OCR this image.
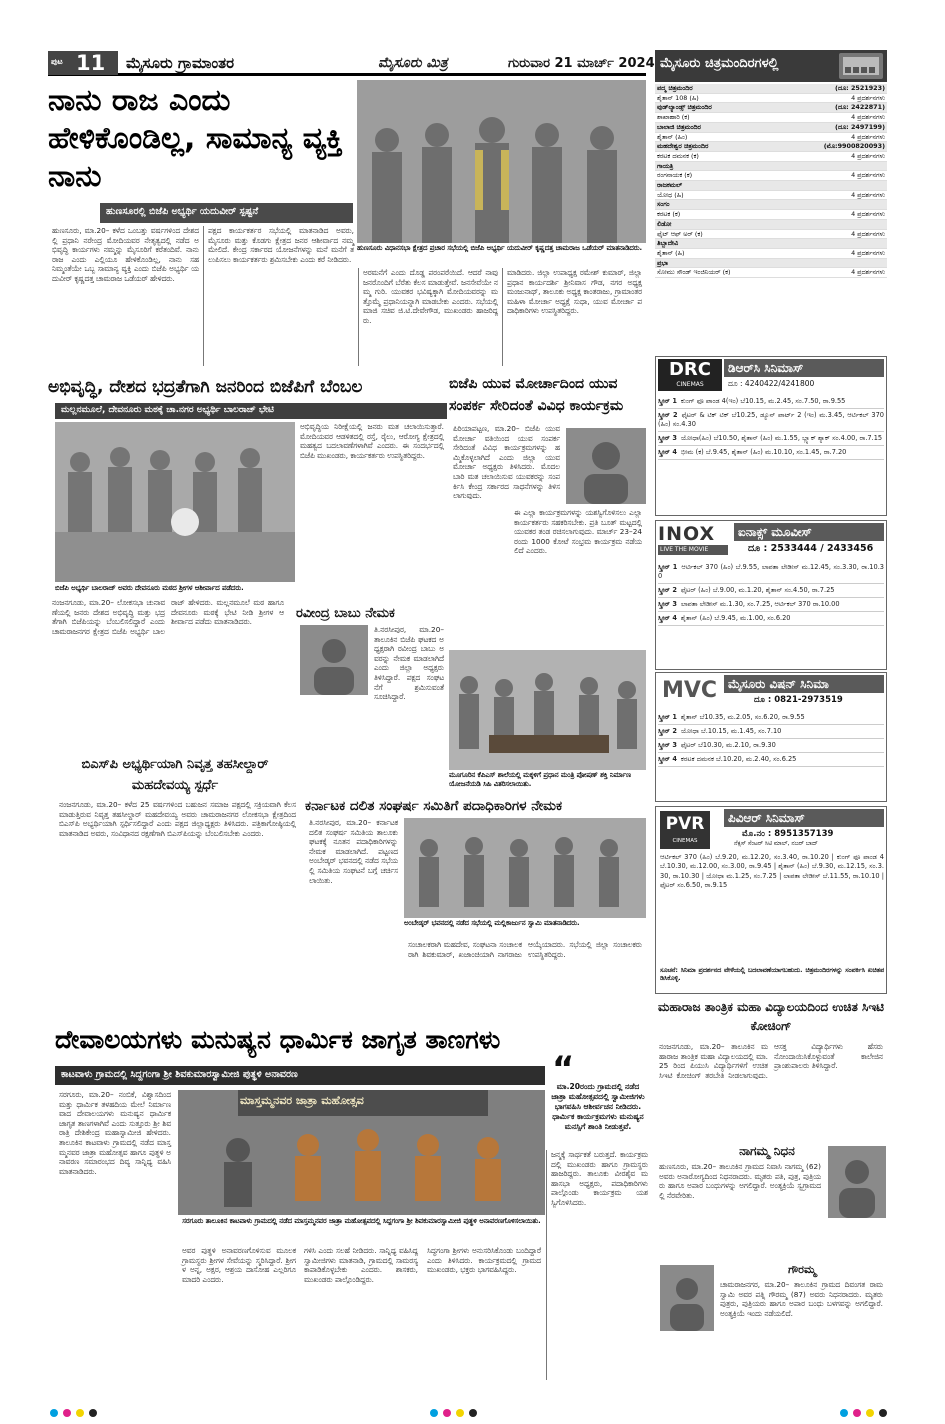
ಪುಟ 11 ಮೈಸೂರು ಗ್ರಾಮಾಂತರ	ಮೈಸೂರು ಮಿತ್ರ	ಗುರುವಾರ 21 ಮಾರ್ಚ್ 2024
ನಾನು ರಾಜ ಎಂದು ಹೇಳಿಕೊಂಡಿಲ್ಲ, ಸಾಮಾನ್ಯ ವ್ಯಕ್ತಿ ನಾನು
ಹುಣಸೂರು ವಿಧಾನಸಭಾ ಕ್ಷೇತ್ರದ ಪ್ರಚಾರ ಸಭೆಯಲ್ಲಿ ಬಿಜೆಪಿ ಅಭ್ಯರ್ಥಿ ಯದುವೀರ್ ಕೃಷ್ಣದತ್ತ ಚಾಮರಾಜ ಒಡೆಯರ್ ಮಾತನಾಡಿದರು.
ಹುಣಸೂರಲ್ಲಿ ಬಿಜೆಪಿ ಅಭ್ಯರ್ಥಿ ಯದುವೀರ್ ಸ್ಪಷ್ಟನೆ
ಹುಣಸೂರು, ಮಾ.20– ಕಳೆದ ಒಂಬತ್ತು ವರ್ಷಗಳಿಂದ ದೇಶದಲ್ಲಿ ಪ್ರಧಾನಿ ನರೇಂದ್ರ ಮೋದಿಯವರ ನೇತೃತ್ವದಲ್ಲಿ ನಡೆದ ಅಭಿವೃದ್ಧಿ ಕಾರ್ಯಗಳು ನಮ್ಮನ್ನು ಮೈಸೂರಿಗೆ ಕರೆತಂದಿವೆ. ನಾನು ರಾಜ ಎಂದು ಎಲ್ಲಿಯೂ ಹೇಳಿಕೊಂಡಿಲ್ಲ, ನಾನು ಸಹ ನಿಮ್ಮಂತೆಯೇ ಒಬ್ಬ ಸಾಮಾನ್ಯ ವ್ಯಕ್ತಿ ಎಂದು ಬಿಜೆಪಿ ಅಭ್ಯರ್ಥಿ ಯದುವೀರ್ ಕೃಷ್ಣದತ್ತ ಚಾಮರಾಜ ಒಡೆಯರ್ ಹೇಳಿದರು.
ಪಕ್ಷದ ಕಾರ್ಯಕರ್ತರ ಸಭೆಯಲ್ಲಿ ಮಾತನಾಡಿದ ಅವರು, ಮೈಸೂರು ಮತ್ತು ಕೊಡಗು ಕ್ಷೇತ್ರದ ಜನರ ಆಶೀರ್ವಾದ ನಮ್ಮ ಮೇಲಿದೆ. ಕೇಂದ್ರ ಸರ್ಕಾರದ ಯೋಜನೆಗಳನ್ನು ಮನೆ ಮನೆಗೆ ತಲುಪಿಸಲು ಕಾರ್ಯಕರ್ತರು ಶ್ರಮಿಸಬೇಕು ಎಂದು ಕರೆ ನೀಡಿದರು.
ಅರಮನೆಗೆ ಎಂದು ದೊಡ್ಡ ಪರಂಪರೆಯಿದೆ. ಆದರೆ ನಾವು ಜನರೊಂದಿಗೆ ಬೆರೆತು ಕೆಲಸ ಮಾಡುತ್ತೇವೆ. ಜನಸೇವೆಯೇ ನಮ್ಮ ಗುರಿ. ಯುವಕರ ಭವಿಷ್ಯಕ್ಕಾಗಿ ಮೋದಿಯವರನ್ನು ಮತ್ತೊಮ್ಮೆ ಪ್ರಧಾನಿಯನ್ನಾಗಿ ಮಾಡಬೇಕು ಎಂದರು. ಸಭೆಯಲ್ಲಿ ಮಾಜಿ ಸಚಿವ ಜಿ.ಟಿ.ದೇವೇಗೌಡ, ಮುಖಂಡರು ಹಾಜರಿದ್ದರು.
ಮಾಡಿದರು. ಜಿಲ್ಲಾ ಉಪಾಧ್ಯಕ್ಷ ರಮೇಶ್ ಕುಮಾರ್, ಜಿಲ್ಲಾ ಪ್ರಧಾನ ಕಾರ್ಯದರ್ಶಿ ಶ್ರೀನಿವಾಸ ಗೌಡ, ನಗರ ಅಧ್ಯಕ್ಷ ಮಂಜುನಾಥ್, ತಾಲೂಕು ಅಧ್ಯಕ್ಷ ಕಾಂತರಾಜು, ಗ್ರಾಮಾಂತರ ಮಹಿಳಾ ಮೋರ್ಚಾ ಅಧ್ಯಕ್ಷೆ ಸುಧಾ, ಯುವ ಮೋರ್ಚಾ ಪದಾಧಿಕಾರಿಗಳು ಉಪಸ್ಥಿತರಿದ್ದರು.
ಅಭಿವೃದ್ಧಿ, ದೇಶದ ಭದ್ರತೆಗಾಗಿ ಜನರಿಂದ ಬಿಜೆಪಿಗೆ ಬೆಂಬಲ
ಮಲ್ಲನಮೂಲೆ, ದೇವನೂರು ಮಠಕ್ಕೆ ಚಾ.ನಗರ ಅಭ್ಯರ್ಥಿ ಬಾಲರಾಜ್ ಭೇಟಿ
ಬಿಜೆಪಿ ಅಭ್ಯರ್ಥಿ ಬಾಲರಾಜ್ ಅವರು ದೇವನೂರು ಮಠದ ಶ್ರೀಗಳ ಆಶೀರ್ವಾದ ಪಡೆದರು.
ಅಭಿವೃದ್ಧಿಯ ನಿರೀಕ್ಷೆಯಲ್ಲಿ ಜನರು ಮತ ಚಲಾಯಿಸುತ್ತಾರೆ. ಮೋದಿಯವರ ಆಡಳಿತದಲ್ಲಿ ರಸ್ತೆ, ರೈಲು, ಆರೋಗ್ಯ ಕ್ಷೇತ್ರದಲ್ಲಿ ಮಹತ್ವದ ಬದಲಾವಣೆಗಳಾಗಿವೆ ಎಂದರು. ಈ ಸಂದರ್ಭದಲ್ಲಿ ಬಿಜೆಪಿ ಮುಖಂಡರು, ಕಾರ್ಯಕರ್ತರು ಉಪಸ್ಥಿತರಿದ್ದರು.
ನಂಜನಗೂಡು, ಮಾ.20– ಲೋಕಸಭಾ ಚುನಾವಣೆಯಲ್ಲಿ ಜನರು ದೇಶದ ಅಭಿವೃದ್ಧಿ ಮತ್ತು ಭದ್ರತೆಗಾಗಿ ಬಿಜೆಪಿಯನ್ನು ಬೆಂಬಲಿಸಲಿದ್ದಾರೆ ಎಂದು ಚಾಮರಾಜನಗರ ಕ್ಷೇತ್ರದ ಬಿಜೆಪಿ ಅಭ್ಯರ್ಥಿ ಬಾಲರಾಜ್ ಹೇಳಿದರು. ಮಲ್ಲನಮೂಲೆ ಮಠ ಹಾಗೂ ದೇವನೂರು ಮಠಕ್ಕೆ ಭೇಟಿ ನೀಡಿ ಶ್ರೀಗಳ ಆಶೀರ್ವಾದ ಪಡೆದು ಮಾತನಾಡಿದರು.
ಬಿಜೆಪಿ ಯುವ ಮೋರ್ಚಾದಿಂದ ಯುವ ಸಂಪರ್ಕ ಸೇರಿದಂತೆ ವಿವಿಧ ಕಾರ್ಯಕ್ರಮ
ಪಿರಿಯಾಪಟ್ಟಣ, ಮಾ.20– ಬಿಜೆಪಿ ಯುವ ಮೋರ್ಚಾ ವತಿಯಿಂದ ಯುವ ಸಂಪರ್ಕ ಸೇರಿದಂತೆ ವಿವಿಧ ಕಾರ್ಯಕ್ರಮಗಳನ್ನು ಹಮ್ಮಿಕೊಳ್ಳಲಾಗಿದೆ ಎಂದು ಜಿಲ್ಲಾ ಯುವ ಮೋರ್ಚಾ ಅಧ್ಯಕ್ಷರು ತಿಳಿಸಿದರು. ಮೊದಲ ಬಾರಿ ಮತ ಚಲಾಯಿಸುವ ಯುವಕರನ್ನು ಸಂಪರ್ಕಿಸಿ ಕೇಂದ್ರ ಸರ್ಕಾರದ ಸಾಧನೆಗಳನ್ನು ತಿಳಿಸಲಾಗುವುದು.
ಈ ಎಲ್ಲಾ ಕಾರ್ಯಕ್ರಮಗಳನ್ನು ಯಶಸ್ವಿಗೊಳಿಸಲು ಎಲ್ಲಾ ಕಾರ್ಯಕರ್ತರು ಸಹಕರಿಸಬೇಕು. ಪ್ರತಿ ಬೂತ್ ಮಟ್ಟದಲ್ಲಿ ಯುವಕರ ತಂಡ ರಚಿಸಲಾಗುವುದು. ಮಾರ್ಚ್ 23–24 ರಂದು 1000 ಕೋಟೆ ಸಂಭ್ರಮ ಕಾರ್ಯಕ್ರಮ ನಡೆಯಲಿದೆ ಎಂದರು.
ರವೀಂದ್ರ ಬಾಬು ನೇಮಕ
ತಿ.ನರಸೀಪುರ, ಮಾ.20– ತಾಲೂಕಿನ ಬಿಜೆಪಿ ಘಟಕದ ಅಧ್ಯಕ್ಷರಾಗಿ ರವೀಂದ್ರ ಬಾಬು ಅವರನ್ನು ನೇಮಕ ಮಾಡಲಾಗಿದೆ ಎಂದು ಜಿಲ್ಲಾ ಅಧ್ಯಕ್ಷರು ತಿಳಿಸಿದ್ದಾರೆ. ಪಕ್ಷದ ಸಂಘಟನೆಗೆ ಶ್ರಮಿಸುವಂತೆ ಸೂಚಿಸಿದ್ದಾರೆ.
ಮೂಗೂರಿನ ಕೆಪಿಎಸ್ ಶಾಲೆಯಲ್ಲಿ ಮಕ್ಕಳಿಗೆ ಪ್ರಧಾನ ಮಂತ್ರಿ ಪೋಷಣ್ ಶಕ್ತಿ ನಿರ್ಮಾಣ ಯೋಜನೆಯಡಿ ಸಿಹಿ ವಿತರಿಸಲಾಯಿತು.
ಬಿಎಸ್‌ಪಿ ಅಭ್ಯರ್ಥಿಯಾಗಿ ನಿವೃತ್ತ ತಹಸೀಲ್ದಾರ್ ಮಹದೇವಯ್ಯ ಸ್ಪರ್ಧೆ
ನಂಜನಗೂಡು, ಮಾ.20– ಕಳೆದ 25 ವರ್ಷಗಳಿಂದ ಬಹುಜನ ಸಮಾಜ ಪಕ್ಷದಲ್ಲಿ ಸಕ್ರಿಯವಾಗಿ ಕೆಲಸ ಮಾಡುತ್ತಿರುವ ನಿವೃತ್ತ ತಹಸೀಲ್ದಾರ್ ಮಹದೇವಯ್ಯ ಅವರು ಚಾಮರಾಜನಗರ ಲೋಕಸಭಾ ಕ್ಷೇತ್ರದಿಂದ ಬಿಎಸ್‌ಪಿ ಅಭ್ಯರ್ಥಿಯಾಗಿ ಸ್ಪರ್ಧಿಸಲಿದ್ದಾರೆ ಎಂದು ಪಕ್ಷದ ಜಿಲ್ಲಾಧ್ಯಕ್ಷರು ತಿಳಿಸಿದರು. ಪತ್ರಿಕಾಗೋಷ್ಠಿಯಲ್ಲಿ ಮಾತನಾಡಿದ ಅವರು, ಸಂವಿಧಾನದ ರಕ್ಷಣೆಗಾಗಿ ಬಿಎಸ್‌ಪಿಯನ್ನು ಬೆಂಬಲಿಸಬೇಕು ಎಂದರು.
ಕರ್ನಾಟಕ ದಲಿತ ಸಂಘರ್ಷ ಸಮಿತಿಗೆ ಪದಾಧಿಕಾರಿಗಳ ನೇಮಕ
ತಿ.ನರಸೀಪುರ, ಮಾ.20– ಕರ್ನಾಟಕ ದಲಿತ ಸಂಘರ್ಷ ಸಮಿತಿಯ ತಾಲೂಕು ಘಟಕಕ್ಕೆ ನೂತನ ಪದಾಧಿಕಾರಿಗಳನ್ನು ನೇಮಕ ಮಾಡಲಾಗಿದೆ. ಪಟ್ಟಣದ ಅಂಬೇಡ್ಕರ್ ಭವನದಲ್ಲಿ ನಡೆದ ಸಭೆಯಲ್ಲಿ ಸಮಿತಿಯ ಸಂಘಟನೆ ಬಗ್ಗೆ ಚರ್ಚಿಸಲಾಯಿತು.
ಅಂಬೇಡ್ಕರ್ ಭವನದಲ್ಲಿ ನಡೆದ ಸಭೆಯಲ್ಲಿ ಮಲ್ಲಿಕಾರ್ಜುನ ಸ್ವಾಮಿ ಮಾತನಾಡಿದರು.
ಸಂಚಾಲಕರಾಗಿ ಮಹದೇವ, ಸಂಘಟನಾ ಸಂಚಾಲಕರಾಗಿ ಶಿವಕುಮಾರ್, ಖಜಾಂಚಿಯಾಗಿ ನಾಗರಾಜು ಆಯ್ಕೆಯಾದರು. ಸಭೆಯಲ್ಲಿ ಜಿಲ್ಲಾ ಸಂಚಾಲಕರು ಉಪಸ್ಥಿತರಿದ್ದರು.
ದೇವಾಲಯಗಳು ಮನುಷ್ಯನ ಧಾರ್ಮಿಕ ಜಾಗೃತ ತಾಣಗಳು
ಕಾಟವಾಳು ಗ್ರಾಮದಲ್ಲಿ ಸಿದ್ದಗಂಗಾ ಶ್ರೀ ಶಿವಕುಮಾರಸ್ವಾಮೀಜಿ ಪುತ್ಥಳಿ ಅನಾವರಣ
ಮಾಸ್ತಮ್ಮನವರ ಜಾತ್ರಾ ಮಹೋತ್ಸವ
ಸರಗೂರು ತಾಲೂಕಿನ ಕಾಟವಾಳು ಗ್ರಾಮದಲ್ಲಿ ನಡೆದ ಮಾಸ್ತಮ್ಮನವರ ಜಾತ್ರಾ ಮಹೋತ್ಸವದಲ್ಲಿ ಸಿದ್ದಗಂಗಾ ಶ್ರೀ ಶಿವಕುಮಾರಸ್ವಾಮೀಜಿ ಪುತ್ಥಳಿ ಅನಾವರಣಗೊಳಿಸಲಾಯಿತು.
ಸರಗೂರು, ಮಾ.20– ನಂಬಿಕೆ, ವಿಶ್ವಾಸದಿಂದ ಮತ್ತು ಧಾರ್ಮಿಕ ತಳಹದಿಯ ಮೇಲೆ ನಿರ್ಮಾಣವಾದ ದೇವಾಲಯಗಳು ಮನುಷ್ಯನ ಧಾರ್ಮಿಕ ಜಾಗೃತ ತಾಣಗಳಾಗಿವೆ ಎಂದು ಸುತ್ತೂರು ಶ್ರೀ ಶಿವರಾತ್ರಿ ದೇಶಿಕೇಂದ್ರ ಮಹಾಸ್ವಾಮೀಜಿ ಹೇಳಿದರು. ತಾಲೂಕಿನ ಕಾಟವಾಳು ಗ್ರಾಮದಲ್ಲಿ ನಡೆದ ಮಾಸ್ತಮ್ಮನವರ ಜಾತ್ರಾ ಮಹೋತ್ಸವ ಹಾಗೂ ಪುತ್ಥಳಿ ಅನಾವರಣ ಸಮಾರಂಭದ ದಿವ್ಯ ಸಾನ್ನಿಧ್ಯ ವಹಿಸಿ ಮಾತನಾಡಿದರು.
ಅವರ ಪುತ್ಥಳಿ ಅನಾವರಣಗೊಳಿಸುವ ಮೂಲಕ ಗ್ರಾಮಸ್ಥರು ಶ್ರೀಗಳ ಸೇವೆಯನ್ನು ಸ್ಮರಿಸಿದ್ದಾರೆ. ಶ್ರೀಗಳ ಅನ್ನ, ಅಕ್ಷರ, ಆಶ್ರಯ ದಾಸೋಹ ಎಲ್ಲರಿಗೂ ಮಾದರಿ ಎಂದರು.
ಗಳಿಸಿ ಎಂದು ಸಲಹೆ ನೀಡಿದರು. ಸಾನ್ನಿಧ್ಯ ವಹಿಸಿದ್ದ ಸ್ವಾಮೀಜಿಗಳು ಮಾತನಾಡಿ, ಗ್ರಾಮದಲ್ಲಿ ಸಾಮರಸ್ಯ ಕಾಪಾಡಿಕೊಳ್ಳಬೇಕು ಎಂದರು. ಶಾಸಕರು, ಮುಖಂಡರು ಪಾಲ್ಗೊಂಡಿದ್ದರು.
ಸಿದ್ಧಗಂಗಾ ಶ್ರೀಗಳು ಅನುಸರಿಸಿಕೊಂಡು ಬಂದಿದ್ದಾರೆ ಎಂದು ತಿಳಿಸಿದರು. ಕಾರ್ಯಕ್ರಮದಲ್ಲಿ ಗ್ರಾಮದ ಮುಖಂಡರು, ಭಕ್ತರು ಭಾಗವಹಿಸಿದ್ದರು.
“
ಮಾ.20ರಂದು ಗ್ರಾಮದಲ್ಲಿ ನಡೆದ ಜಾತ್ರಾ ಮಹೋತ್ಸವದಲ್ಲಿ ಸ್ವಾಮೀಜಿಗಳು ಭಾಗವಹಿಸಿ ಆಶೀರ್ವಚನ ನೀಡಿದರು. ಧಾರ್ಮಿಕ ಕಾರ್ಯಕ್ರಮಗಳು ಮನುಷ್ಯನ ಮನಸ್ಸಿಗೆ ಶಾಂತಿ ನೀಡುತ್ತವೆ.
ಜನ್ಮಕ್ಕೆ ಸಾರ್ಥಕತೆ ಬರುತ್ತದೆ. ಕಾರ್ಯಕ್ರಮದಲ್ಲಿ ಮುಖಂಡರು ಹಾಗೂ ಗ್ರಾಮಸ್ಥರು ಹಾಜರಿದ್ದರು. ತಾಲೂಕು ವೀರಶೈವ ಮಹಾಸಭಾ ಅಧ್ಯಕ್ಷರು, ಪದಾಧಿಕಾರಿಗಳು ಪಾಲ್ಗೊಂಡು ಕಾರ್ಯಕ್ರಮ ಯಶಸ್ವಿಗೊಳಿಸಿದರು.
ಮೈಸೂರು ಚಿತ್ರಮಂದಿರಗಳಲ್ಲಿ
ಪದ್ಮ ಚಿತ್ರಮಂದಿರ	(ದೂ: 2521923)
ಶೈತಾನ್ 108 (ಹಿ)	4 ಪ್ರದರ್ಶನಗಳು
ವುಡ್‌ಲ್ಯಾಂಡ್ಸ್ ಚಿತ್ರಮಂದಿರ	(ದೂ: 2422871)
ಶಾಖಾಹಾರಿ (ಕ)	4 ಪ್ರದರ್ಶನಗಳು
ಬಾಲಾಜಿ ಚಿತ್ರಮಂದಿರ	(ದೂ: 2497199)
ಶೈತಾನ್ (ಹಿಂ)	4 ಪ್ರದರ್ಶನಗಳು
ಮಹದೇಶ್ವರ ಚಿತ್ರಮಂದಿರ	(ಮೊ:9900820093)
ಕರಟಕ ದಮನಕ (ಕ)	4 ಪ್ರದರ್ಶನಗಳು
ಗಾಯತ್ರಿ	
ರಂಗನಾಯಕ (ಕ)	4 ಪ್ರದರ್ಶನಗಳು
ರಾಜಕಮಲ್	
ಯೋಧ (ಹಿ)	4 ಪ್ರದರ್ಶನಗಳು
ಸಂಗಂ	
ಕರಟಕ (ಕ)	4 ಪ್ರದರ್ಶನಗಳು
ಲಿಡೋ	
ಫೈಟ್ ಆಫ್ ಅರ್ (ಕ)	4 ಪ್ರದರ್ಶನಗಳು
ತಿಬ್ಬಾದೇವಿ	
ಶೈತಾನ್ (ಹಿ)	4 ಪ್ರದರ್ಶನಗಳು
ಪ್ರಭಾ	
ಸೋಮು ಸೌಂಡ್ ಇಂಜಿನಿಯರ್ (ಕ)	4 ಪ್ರದರ್ಶನಗಳು
DRC
CINEMAS
ಡಿಆರ್‌ಸಿ ಸಿನಿಮಾಸ್
ದೂ : 4240422/4241800
ಸ್ಕ್ರೀನ್ 1 ಕುಂಗ್ ಫೂ ಪಾಂಡ 4(ಇಂ) ಬೆ10.15, ಮ.2.45, ಸಂ.7.50, ರಾ.9.55
ಸ್ಕ್ರೀನ್ 2 ಫೈಟರ್ & ಟಿಕ್ ಟಿಕ್ ಬೆ10.25, ಡ್ಯೂನ್ ಪಾರ್ಟ್ 2 (ಇಂ) ಮ.3.45, ಆರ್ಟಿಕಲ್ 370 (ಹಿಂ) ಸಂ.4.30
ಸ್ಕ್ರೀನ್ 3 ಯೋಧಾ(ಹಿಂ) ಬೆ10.50, ಶೈತಾನ್ (ಹಿಂ) ಮ.1.55, ಬ್ಲ್ಯಾಕ್ ಶ್ಯಾಕ್ ಸಂ.4.00, ರಾ.7.15
ಸ್ಕ್ರೀನ್ 4 ಭೀಮ (ಕ) ಬೆ.9.45, ಶೈತಾನ್ (ಹಿಂ) ಮ.10.10, ಸಂ.1.45, ರಾ.7.20
INOX
LIVE THE MOVIE
ಐನಾಕ್ಸ್ ಮೂವೀಸ್
ದೂ : 2533444 / 2433456
ಸ್ಕ್ರೀನ್ 1 ಆರ್ಟಿಕಲ್ 370 (ಹಿಂ) ಬೆ.9.55, ಲಾಪತಾ ಲೇಡೀಸ್ ಮ.12.45, ಸಂ.3.30, ರಾ.10.30
ಸ್ಕ್ರೀನ್ 2 ಫೈಟರ್ (ಹಿಂ) ಬೆ.9.00, ಮ.1.20, ಶೈತಾನ್ ಸಂ.4.50, ರಾ.7.25
ಸ್ಕ್ರೀನ್ 3 ಲಾಪತಾ ಲೇಡೀಸ್ ಮ.1.30, ಸಂ.7.25, ಆರ್ಟಿಕಲ್ 370 ರಾ.10.00
ಸ್ಕ್ರೀನ್ 4 ಶೈತಾನ್ (ಹಿಂ) ಬೆ.9.45, ಮ.1.00, ಸಂ.6.20
MVC ಮೈಸೂರು ವಿಷನ್ ಸಿನಿಮಾ
ದೂ : 0821-2973519
ಸ್ಕ್ರೀನ್ 1 ಶೈತಾನ್ ಬೆ10.35, ಮ.2.05, ಸಂ.6.20, ರಾ.9.55
ಸ್ಕ್ರೀನ್ 2 ಯೋಧಾ ಬೆ.10.15, ಮ.1.45, ಸಂ.7.10
ಸ್ಕ್ರೀನ್ 3 ಫೈಟರ್ ಬೆ10.30, ಮ.2.10, ರಾ.9.30
ಸ್ಕ್ರೀನ್ 4 ಕರಟಕ ದಮನಕ ಬೆ.10.20, ಮ.2.40, ಸಂ.6.25
PVR
CINEMAS
ಪಿವಿಆರ್ ಸಿನಿಮಾಸ್
ಮೊ.ನಂ : 8951357139
ನೆಕ್ಸಸ್ ಸೆಂಟರ್ ಸಿಟಿ ಮಾಲ್, ನಜರ್ ಬಾದ್
ಆರ್ಟಿಕಲ್ 370 (ಹಿಂ) ಬೆ.9.20, ಮ.12.20, ಸಂ.3.40, ರಾ.10.20 | ಕುಂಗ್ ಫೂ ಪಾಂಡ 4 ಬೆ.10.30, ಮ.12.00, ಸಂ.3.00, ರಾ.9.45 | ಶೈತಾನ್ (ಹಿಂ) ಬೆ.9.30, ಮ.12.15, ಸಂ.3.30, ರಾ.10.30 | ಯೋಧಾ ಮ.1.25, ಸಂ.7.25 | ಲಾಪತಾ ಲೇಡೀಸ್ ಬೆ.11.55, ರಾ.10.10 | ಫೈಟರ್ ಸಂ.6.50, ರಾ.9.15
ಸೂಚನೆ: ಸಿನಿಮಾ ಪ್ರದರ್ಶನದ ವೇಳೆಯಲ್ಲಿ ಬದಲಾವಣೆಯಾಗಬಹುದು. ಚಿತ್ರಮಂದಿರಗಳನ್ನು ಸಂಪರ್ಕಿಸಿ ಖಚಿತಪಡಿಸಿಕೊಳ್ಳಿ.
ಮಹಾರಾಜ ತಾಂತ್ರಿಕ ಮಹಾ ವಿದ್ಯಾಲಯದಿಂದ ಉಚಿತ ಸಿಇಟಿ ಕೋಚಿಂಗ್
ನಂಜನಗೂಡು, ಮಾ.20– ತಾಲೂಕಿನ ಮಹಾರಾಜ ತಾಂತ್ರಿಕ ಮಹಾ ವಿದ್ಯಾಲಯದಲ್ಲಿ ಮಾ.25 ರಿಂದ ಪಿಯುಸಿ ವಿದ್ಯಾರ್ಥಿಗಳಿಗೆ ಉಚಿತ ಸಿಇಟಿ ಕೋಚಿಂಗ್ ತರಬೇತಿ ನೀಡಲಾಗುವುದು. ಆಸಕ್ತ ವಿದ್ಯಾರ್ಥಿಗಳು ಹೆಸರು ನೋಂದಾಯಿಸಿಕೊಳ್ಳುವಂತೆ ಕಾಲೇಜಿನ ಪ್ರಾಂಶುಪಾಲರು ತಿಳಿಸಿದ್ದಾರೆ.
ನಾಗಮ್ಮ ನಿಧನ
ಹುಣಸೂರು, ಮಾ.20– ತಾಲೂಕಿನ ಗ್ರಾಮದ ನಿವಾಸಿ ನಾಗಮ್ಮ (62) ಅವರು ಅನಾರೋಗ್ಯದಿಂದ ನಿಧನರಾದರು. ಮೃತರು ಪತಿ, ಪುತ್ರ, ಪುತ್ರಿಯರು ಹಾಗೂ ಅಪಾರ ಬಂಧುಗಳನ್ನು ಅಗಲಿದ್ದಾರೆ. ಅಂತ್ಯಕ್ರಿಯೆ ಸ್ವಗ್ರಾಮದಲ್ಲಿ ನೆರವೇರಿತು.
ಗೌರಮ್ಮ
ಚಾಮರಾಜನಗರ, ಮಾ.20– ತಾಲೂಕಿನ ಗ್ರಾಮದ ದಿವಂಗತ ರಾಮಸ್ವಾಮಿ ಅವರ ಪತ್ನಿ ಗೌರಮ್ಮ (87) ಅವರು ನಿಧನರಾದರು. ಮೃತರು ಪುತ್ರರು, ಪುತ್ರಿಯರು ಹಾಗೂ ಅಪಾರ ಬಂಧು ಬಳಗವನ್ನು ಅಗಲಿದ್ದಾರೆ. ಅಂತ್ಯಕ್ರಿಯೆ ಇಂದು ನಡೆಯಲಿದೆ.
